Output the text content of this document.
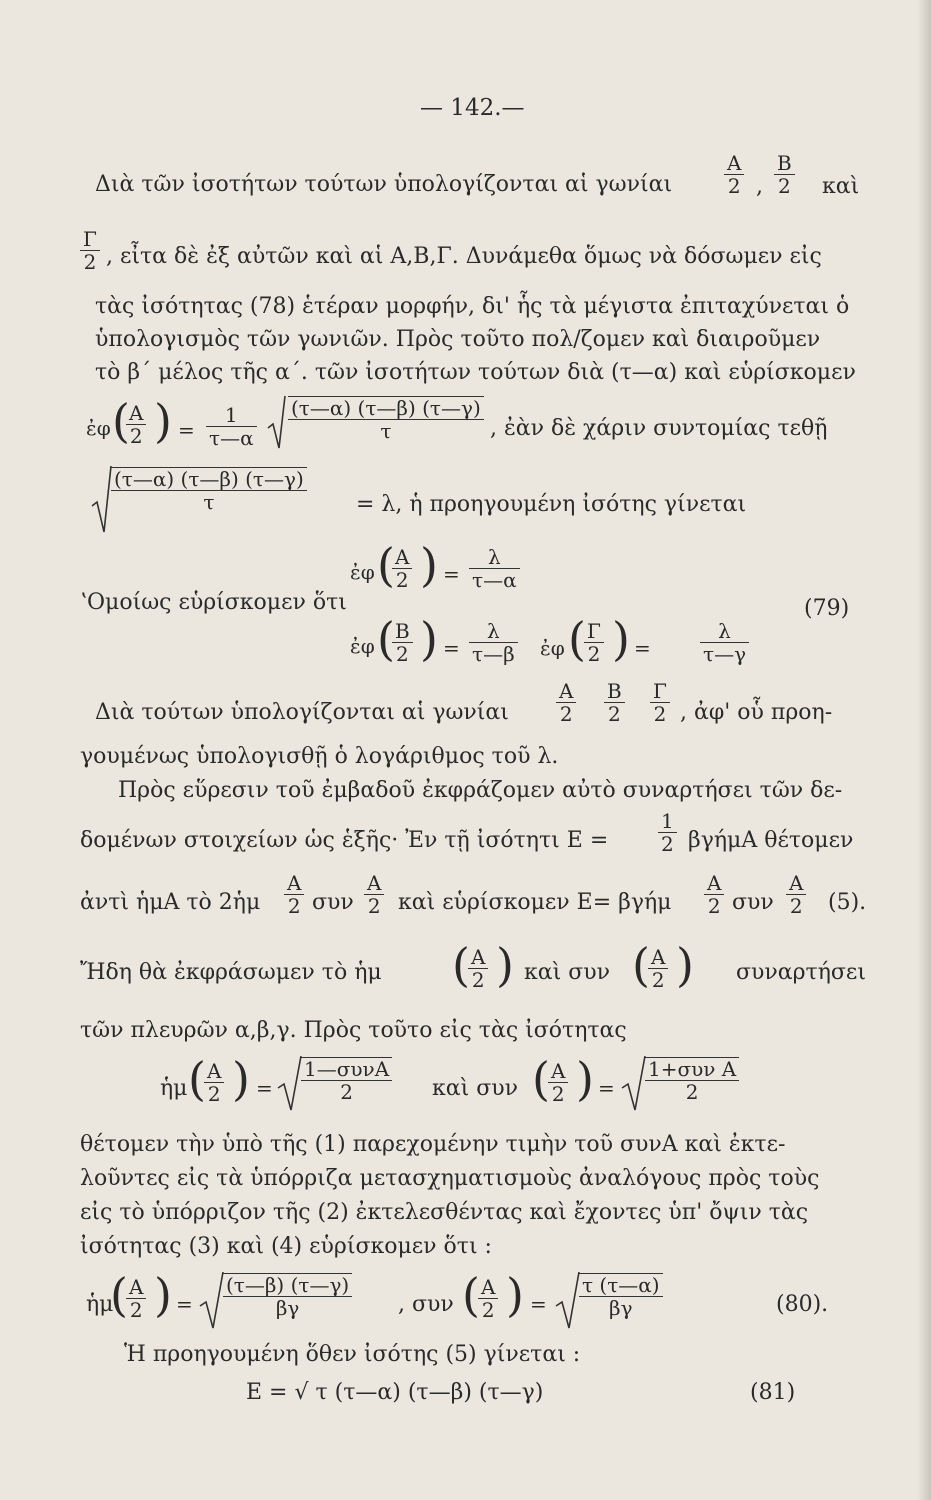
— 142.—
Διὰ τῶν ἰσοτήτων τούτων ὑπολογίζονται αἱ γωνίαι
Α
2 ,
Β
2 καὶ
Γ
2 , εἶτα δὲ ἐξ αὐτῶν καὶ αἱ Α,Β,Γ. Δυνάμεθα ὅμως νὰ δόσωμεν εἰς
τὰς ἰσότητας (78) ἑτέραν μορφήν, δι' ἧς τὰ μέγιστα ἐπιταχύνεται ὁ
ὑπολογισμὸς τῶν γωνιῶν. Πρὸς τοῦτο πολ/ζομεν καὶ διαιροῦμεν
τὸ β΄ μέλος τῆς α΄. τῶν ἰσοτήτων τούτων διὰ (τ—α) καὶ εὑρίσκομεν
ἐφ ( Α
2 ) =
1
τ—α
(τ—α) (τ—β) (τ—γ)
τ	, ἐὰν δὲ χάριν συντομίας τεθῇ
(τ—α) (τ—β) (τ—γ)
τ	= λ, ἡ προηγουμένη ἰσότης γίνεται
ἐφ ( Α
2 ) =
λ
τ—α
ʽΟμοίως εὑρίσκομεν ὅτι	(79)
ἐφ ( Β
2 ) =
λ
τ—β ἐφ ( Γ
2 ) =
λ
τ—γ
Διὰ τούτων ὑπολογίζονται αἱ γωνίαι
Α
2
Β
2
Γ
2 , ἀφ' οὗ προη-
γουμένως ὑπολογισθῇ ὁ λογάριθμος τοῦ λ.
Πρὸς εὕρεσιν τοῦ ἐμβαδοῦ ἐκφράζομεν αὐτὸ συναρτήσει τῶν δε-
δομένων στοιχείων ὡς ἑξῆς· Ἐν τῇ ἰσότητι Ε =
1
2 βγήμΑ θέτομεν
ἀντὶ ἡμΑ τὸ 2ἡμ
Α
2 συν
Α
2 καὶ εὑρίσκομεν Ε= βγήμ
Α
2 συν
Α
2 (5).
Ἤδη θὰ ἐκφράσωμεν τὸ ἡμ ( Α
2 ) καὶ συν ( Α
2 ) συναρτήσει
τῶν πλευρῶν α,β,γ. Πρὸς τοῦτο εἰς τὰς ἰσότητας
ἡμ ( Α
2 ) =
1—συνΑ
2	καὶ συν ( Α
2 ) =
1+συν Α
2
θέτομεν τὴν ὑπὸ τῆς (1) παρεχομένην τιμὴν τοῦ συνΑ καὶ ἐκτε-
λοῦντες εἰς τὰ ὑπόρριζα μετασχηματισμοὺς ἀναλόγους πρὸς τοὺς
εἰς τὸ ὑπόρριζον τῆς (2) ἐκτελεσθέντας καὶ ἔχοντες ὑπ' ὄψιν τὰς
ἰσότητας (3) καὶ (4) εὑρίσκομεν ὅτι :
ἡμ
( Α
2 ) =
(τ—β) (τ—γ)
βγ	, συν ( Α
2 ) =
τ (τ—α)
βγ	(80).
Ἡ προηγουμένη ὅθεν ἰσότης (5) γίνεται :
Ε = √ τ (τ—α) (τ—β) (τ—γ)	(81)
